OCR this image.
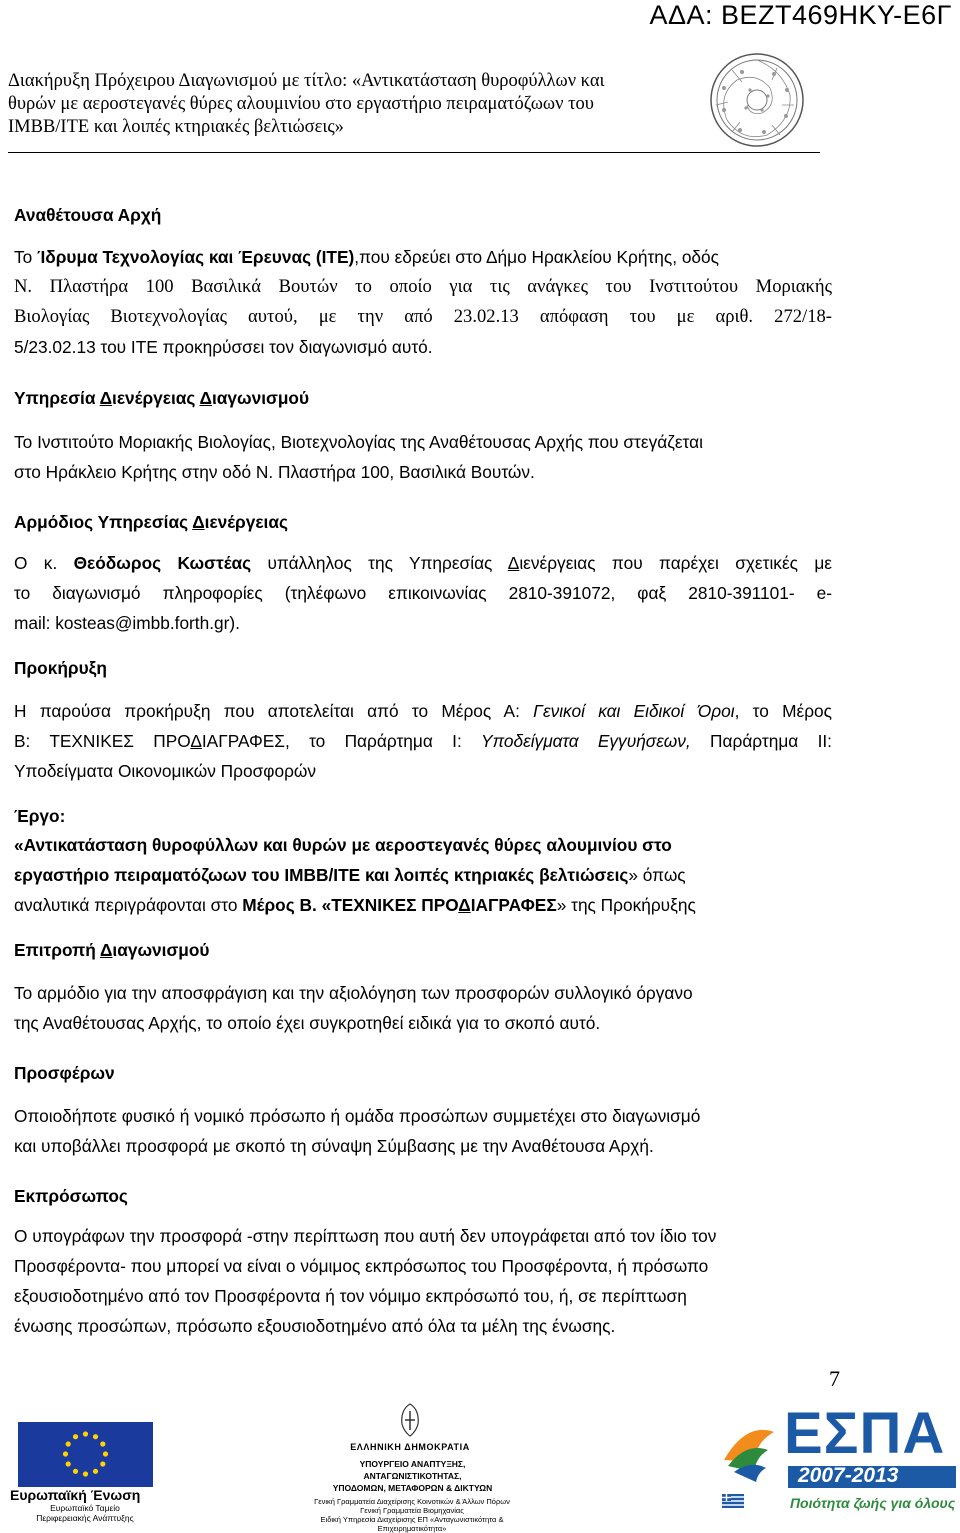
ΑΔΑ: ΒΕΖΤ469ΗΚΥ-Ε6Γ
Διακήρυξη Πρόχειρου Διαγωνισμού με τίτλο: «Αντικατάσταση θυροφύλλων και
θυρών με αεροστεγανές θύρες αλουμινίου στο εργαστήριο πειραματόζωων του
IMBB/ITE και λοιπές κτηριακές βελτιώσεις»
Αναθέτουσα Αρχή
Το Ίδρυμα Τεχνολογίας και Έρευνας (ΙΤΕ),που εδρεύει στο Δήμο Ηρακλείου Κρήτης, οδός
Ν. Πλαστήρα 100 Βασιλικά Βουτών το οποίο για τις ανάγκες του Ινστιτούτου Μοριακής
Βιολογίας Βιοτεχνολογίας αυτού, με την από 23.02.13 απόφαση του με αριθ. 272/18-
5/23.02.13 του ΙΤΕ προκηρύσσει τον διαγωνισμό αυτό.
Υπηρεσία Διενέργειας Διαγωνισμού
Το Ινστιτούτο Μοριακής Βιολογίας, Βιοτεχνολογίας της Αναθέτουσας Αρχής που στεγάζεται
στο Ηράκλειο Κρήτης στην οδό Ν. Πλαστήρα 100, Βασιλικά Βουτών.
Αρμόδιος Υπηρεσίας Διενέργειας
Ο κ. Θεόδωρος Κωστέας υπάλληλος της Υπηρεσίας Διενέργειας που παρέχει σχετικές με
το διαγωνισμό πληροφορίες (τηλέφωνο επικοινωνίας 2810-391072, φαξ 2810-391101- e-
mail: kosteas@imbb.forth.gr).
Προκήρυξη
Η παρούσα προκήρυξη που αποτελείται από το Μέρος Α: Γενικοί και Ειδικοί Όροι, το Μέρος
Β: ΤΕΧΝΙΚΕΣ ΠΡΟΔΙΑΓΡΑΦΕΣ, το Παράρτημα Ι: Υποδείγματα Εγγυήσεων, Παράρτημα ΙΙ:
Υποδείγματα Οικονομικών Προσφορών
Έργο:
«Αντικατάσταση θυροφύλλων και θυρών με αεροστεγανές θύρες αλουμινίου στο
εργαστήριο πειραματόζωων του IMBB/ITE και λοιπές κτηριακές βελτιώσεις» όπως
αναλυτικά περιγράφονται στο Μέρος Β. «ΤΕΧΝΙΚΕΣ ΠΡΟΔΙΑΓΡΑΦΕΣ» της Προκήρυξης
Επιτροπή Διαγωνισμού
Το αρμόδιο για την αποσφράγιση και την αξιολόγηση των προσφορών συλλογικό όργανο
της Αναθέτουσας Αρχής, το οποίο έχει συγκροτηθεί ειδικά για το σκοπό αυτό.
Προσφέρων
Οποιοδήποτε φυσικό ή νομικό πρόσωπο ή ομάδα προσώπων συμμετέχει στο διαγωνισμό
και υποβάλλει προσφορά με σκοπό τη σύναψη Σύμβασης με την Αναθέτουσα Αρχή.
Εκπρόσωπος
Ο υπογράφων την προσφορά -στην περίπτωση που αυτή δεν υπογράφεται από τον ίδιο τον
Προσφέροντα- που μπορεί να είναι ο νόμιμος εκπρόσωπος του Προσφέροντα, ή πρόσωπο
εξουσιοδοτημένο από τον Προσφέροντα ή τον νόμιμο εκπρόσωπό του, ή, σε περίπτωση
ένωσης προσώπων, πρόσωπο εξουσιοδοτημένο από όλα τα μέλη της ένωσης.
7
Ευρωπαϊκή Ένωση
Ευρωπαϊκό Ταμείο
Περιφερειακής Ανάπτυξης
ΕΛΛΗΝΙΚΗ ΔΗΜΟΚΡΑΤΙΑ
ΥΠΟΥΡΓΕΙΟ ΑΝΑΠΤΥΞΗΣ, ΑΝΤΑΓΩΝΙΣΤΙΚΟΤΗΤΑΣ,
ΥΠΟΔΟΜΩΝ, ΜΕΤΑΦΟΡΩΝ & ΔΙΚΤΥΩΝ
Γενική Γραμματεία Διαχείρισης Κοινοτικών & Άλλων Πόρων
Γενική Γραμματεία Βιομηχανίας
Ειδική Υπηρεσία Διαχείρισης ΕΠ «Ανταγωνιστικότητα & Επιχειρηματικότητα»
ΕΣΠΑ
2007-2013
Ποιότητα ζωής για όλους
